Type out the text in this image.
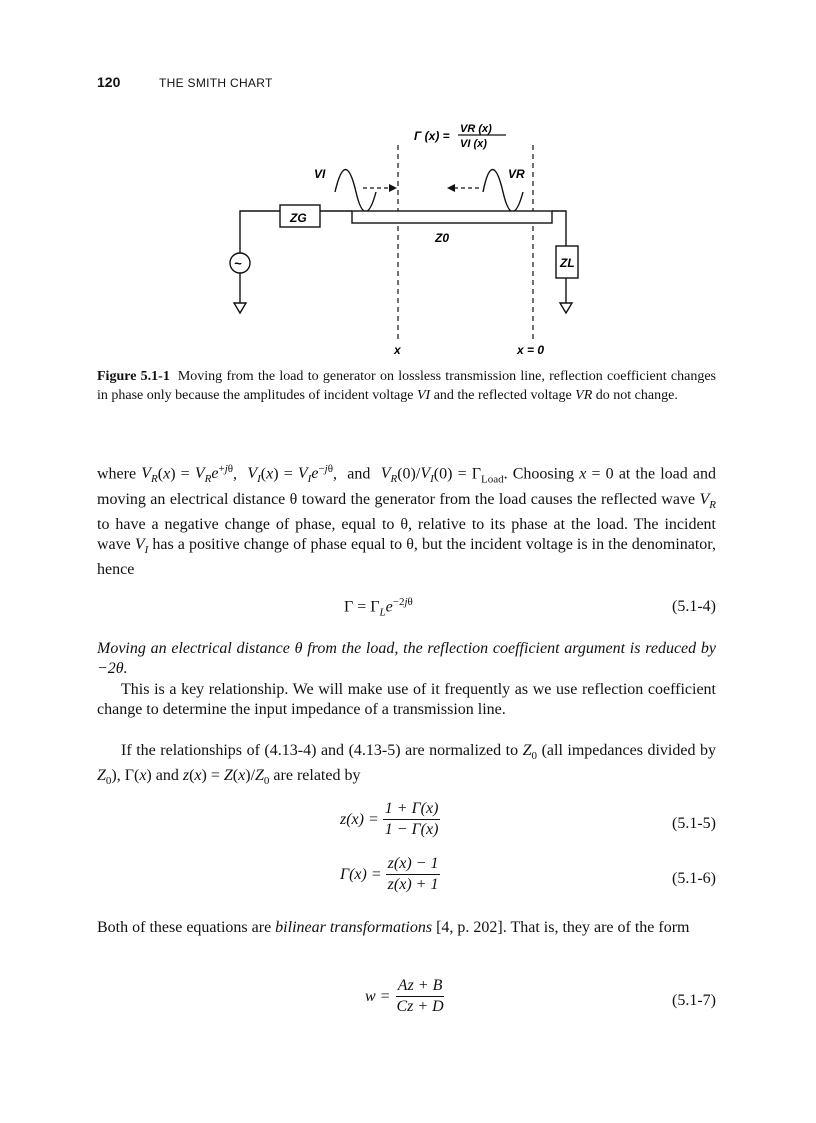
120	THE SMITH CHART
Γ (x) = VR (x)
VI (x)
VI	VR
ZG
~
Z0
ZL
x	x = 0
Figure 5.1-1 Moving from the load to generator on lossless transmission line, reflection coefficient changes in phase only because the amplitudes of incident voltage VI and the reflected voltage VR do not change.
where $V_R(x) = V_Re^{+j\theta}$,  $V_I(x) = V_Ie^{-j\theta}$,  and  $V_R(0)/V_I(0) = \Gamma_{Load}$. Choosing x = 0 at the load and moving an electrical distance θ toward the generator from the load causes the reflected wave $V_R$ to have a negative change of phase, equal to θ, relative to its phase at the load. The incident wave $V_I$ has a positive change of phase equal to θ, but the incident voltage is in the denominator, hence
$\Gamma = \Gamma_Le^{-2j\theta}$	(5.1-4)
Moving an electrical distance θ from the load, the reflection coefficient argument is reduced by −2θ.
This is a key relationship. We will make use of it frequently as we use reflection coefficient change to determine the input impedance of a transmission line.
If the relationships of (4.13-4) and (4.13-5) are normalized to $Z_0$ (all impedances divided by $Z_0$), Γ(x) and $z(x) = Z(x)/Z_0$ are related by
z(x) =
$\frac{1 + \Gamma(x)}{1 - \Gamma(x)}$	(5.1-5)
Γ(x) =
$\frac{z(x) - 1}{z(x) + 1}$	(5.1-6)
Both of these equations are bilinear transformations [4, p. 202]. That is, they are of the form
w =
$\frac{Az + B}{Cz + D}$	(5.1-7)
